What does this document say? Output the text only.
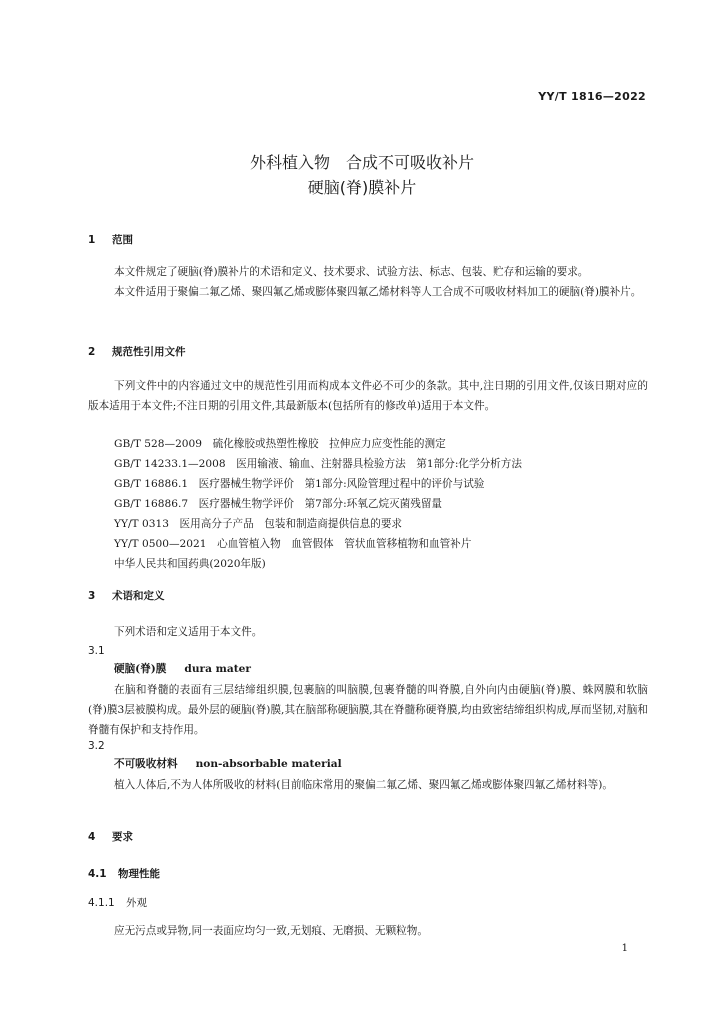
YY/T 1816—2022
外科植入物　合成不可吸收补片
硬脑(脊)膜补片
1 范围
本文件规定了硬脑(脊)膜补片的术语和定义、技术要求、试验方法、标志、包装、贮存和运输的要求。
本文件适用于聚偏二氟乙烯、聚四氟乙烯或膨体聚四氟乙烯材料等人工合成不可吸收材料加工的硬脑(脊)膜补片。
2 规范性引用文件
下列文件中的内容通过文中的规范性引用而构成本文件必不可少的条款。其中,注日期的引用文件,仅该日期对应的版本适用于本文件;不注日期的引用文件,其最新版本(包括所有的修改单)适用于本文件。
GB/T 528—2009　硫化橡胶或热塑性橡胶　拉伸应力应变性能的测定
GB/T 14233.1—2008　医用输液、输血、注射器具检验方法　第1部分:化学分析方法
GB/T 16886.1　医疗器械生物学评价　第1部分:风险管理过程中的评价与试验
GB/T 16886.7　医疗器械生物学评价　第7部分:环氧乙烷灭菌残留量
YY/T 0313　医用高分子产品　包装和制造商提供信息的要求
YY/T 0500—2021　心血管植入物　血管假体　管状血管移植物和血管补片
中华人民共和国药典(2020年版)
3 术语和定义
下列术语和定义适用于本文件。
3.1
硬脑(脊)膜 dura mater
在脑和脊髓的表面有三层结缔组织膜,包裹脑的叫脑膜,包裹脊髓的叫脊膜,自外向内由硬脑(脊)膜、蛛网膜和软脑(脊)膜3层被膜构成。最外层的硬脑(脊)膜,其在脑部称硬脑膜,其在脊髓称硬脊膜,均由致密结缔组织构成,厚而坚韧,对脑和脊髓有保护和支持作用。
3.2
不可吸收材料 non-absorbable material
植入人体后,不为人体所吸收的材料(目前临床常用的聚偏二氟乙烯、聚四氟乙烯或膨体聚四氟乙烯材料等)。
4 要求
4.1 物理性能
4.1.1 外观
应无污点或异物,同一表面应均匀一致,无划痕、无磨损、无颗粒物。
1
